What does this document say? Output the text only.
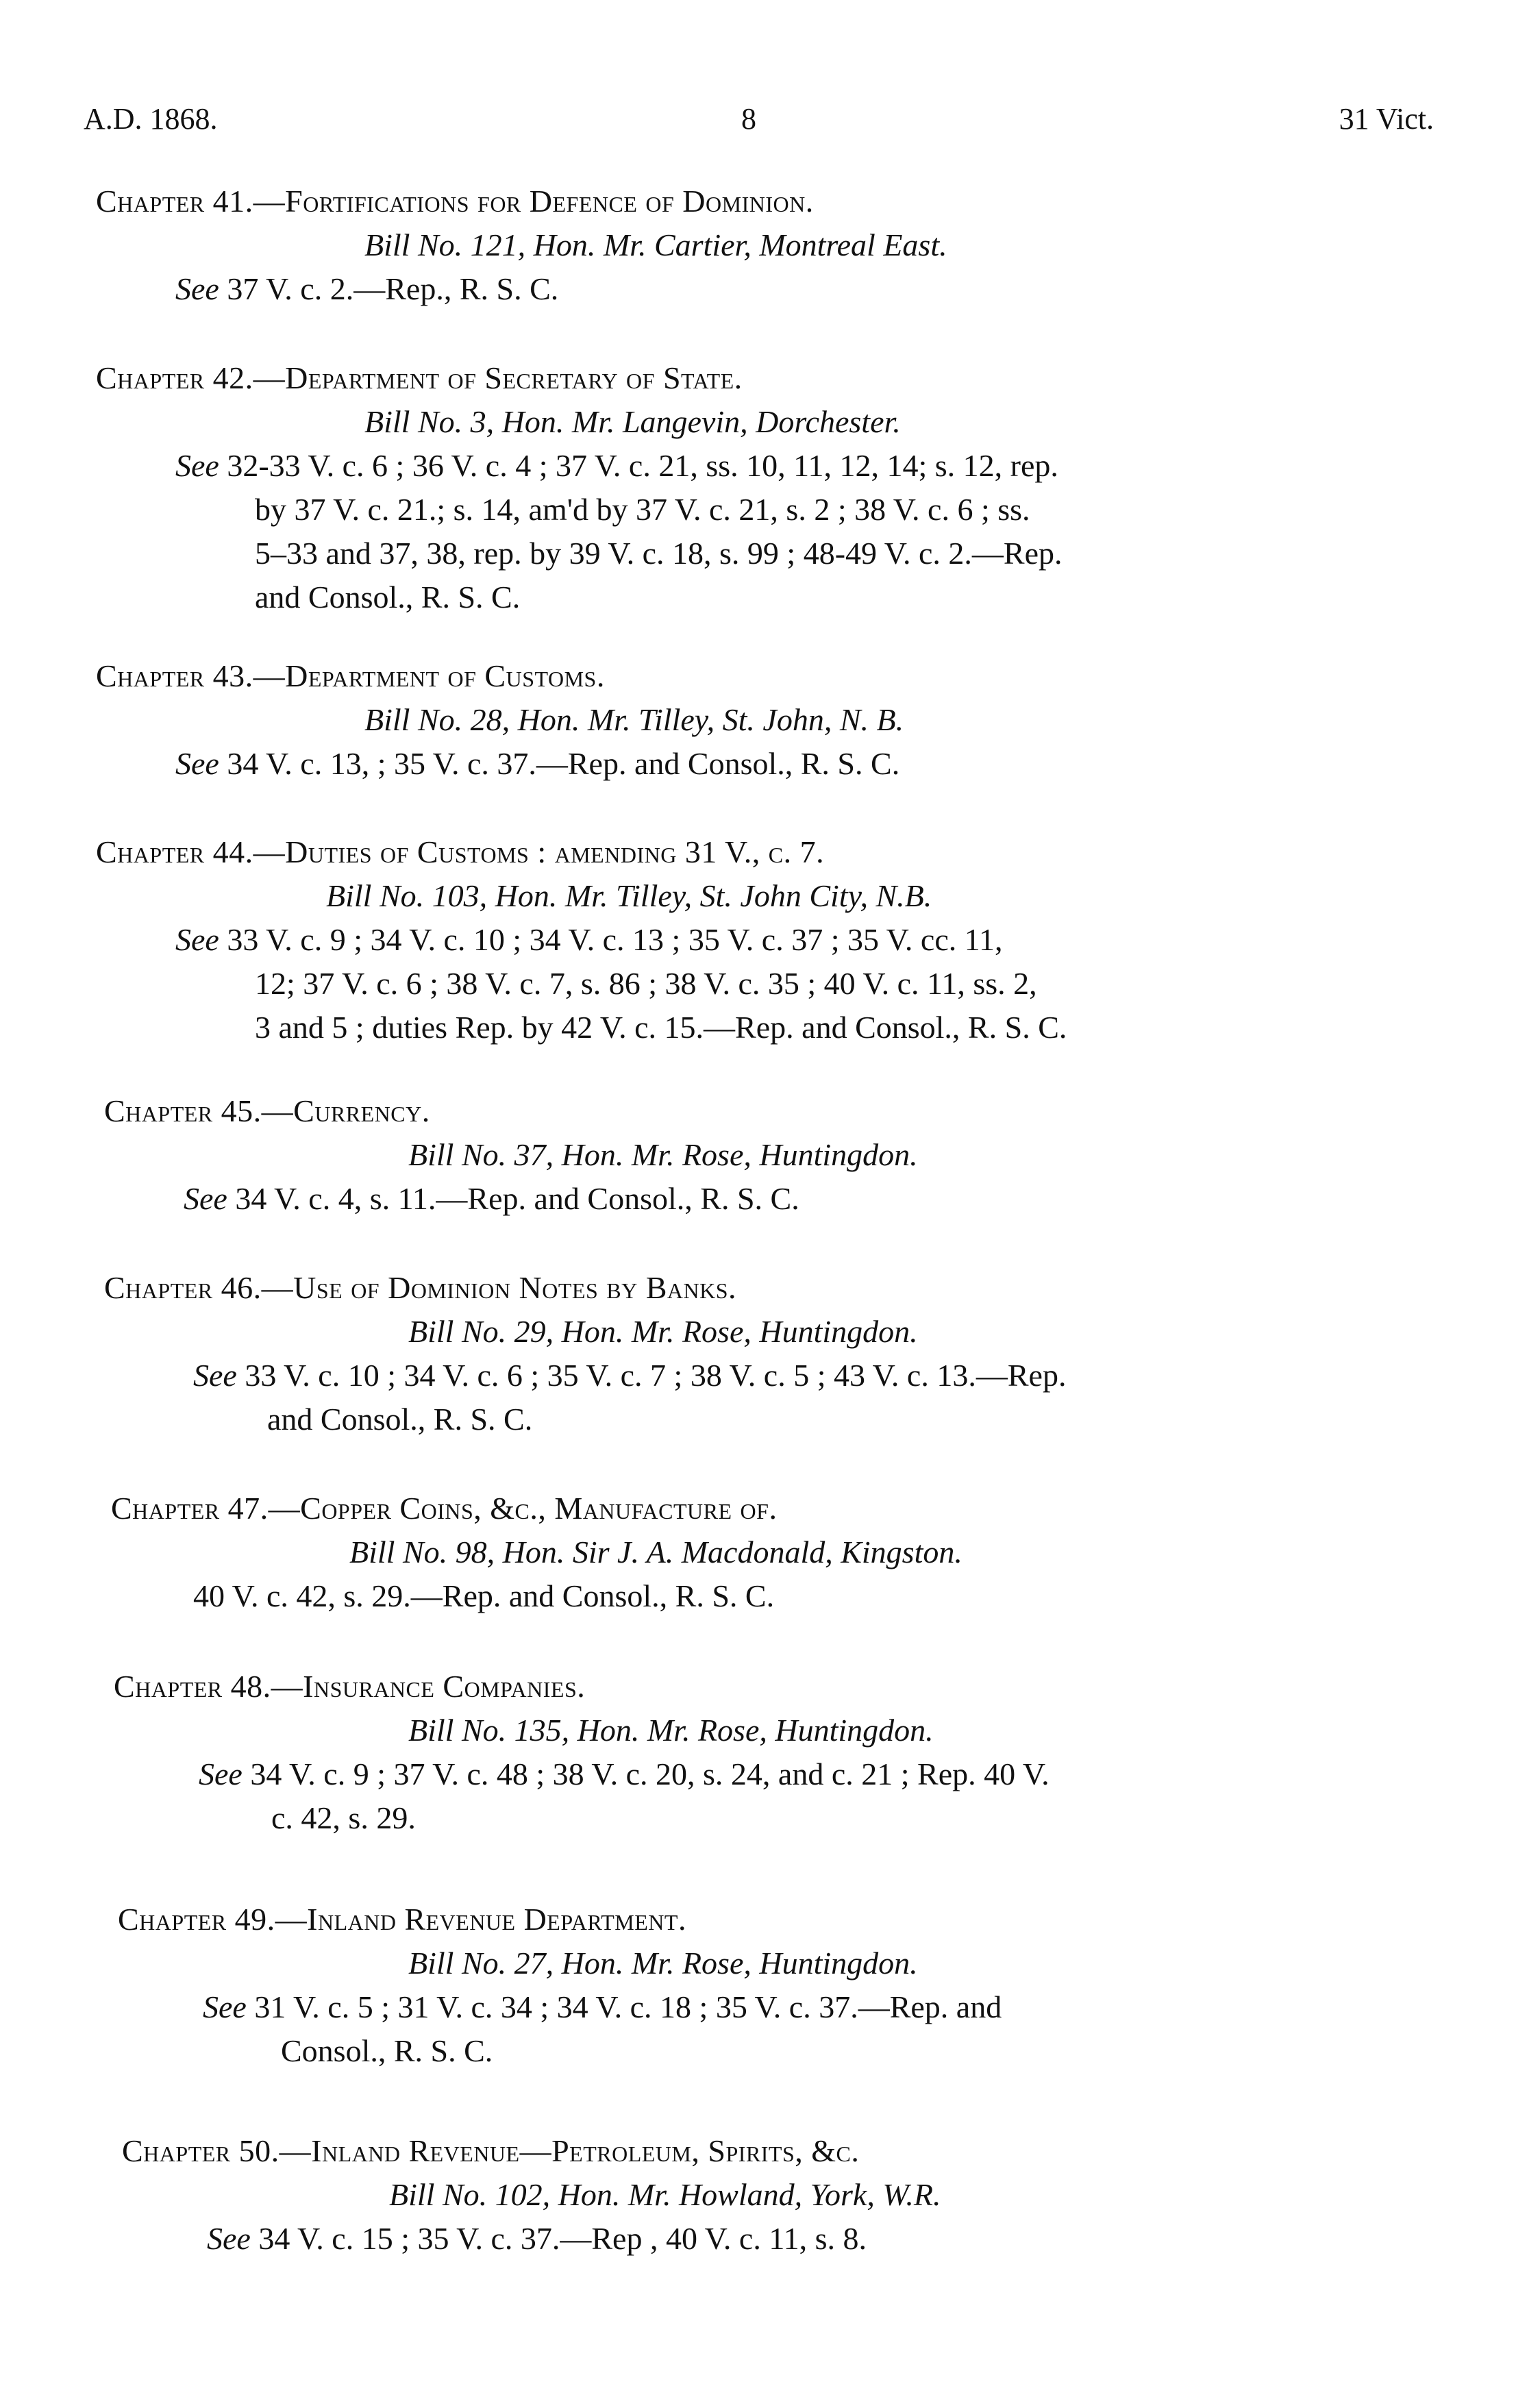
A.D. 1868.	8	31 Vict.
Chapter 41.—Fortifications for Defence of Dominion.
Bill No. 121, Hon. Mr. Cartier, Montreal East.
See 37 V. c. 2.—Rep., R. S. C.
Chapter 42.—Department of Secretary of State.
Bill No. 3, Hon. Mr. Langevin, Dorchester.
See 32-33 V. c. 6 ; 36 V. c. 4 ; 37 V. c. 21, ss. 10, 11, 12, 14; s. 12, rep.
by 37 V. c. 21.; s. 14, am'd by 37 V. c. 21, s. 2 ; 38 V. c. 6 ; ss.
5–33 and 37, 38, rep. by 39 V. c. 18, s. 99 ; 48-49 V. c. 2.—Rep.
and Consol., R. S. C.
Chapter 43.—Department of Customs.
Bill No. 28, Hon. Mr. Tilley, St. John, N. B.
See 34 V. c. 13, ; 35 V. c. 37.—Rep. and Consol., R. S. C.
Chapter 44.—Duties of Customs : amending 31 V., c. 7.
Bill No. 103, Hon. Mr. Tilley, St. John City, N.B.
See 33 V. c. 9 ; 34 V. c. 10 ; 34 V. c. 13 ; 35 V. c. 37 ; 35 V. cc. 11,
12; 37 V. c. 6 ; 38 V. c. 7, s. 86 ; 38 V. c. 35 ; 40 V. c. 11, ss. 2,
3 and 5 ; duties Rep. by 42 V. c. 15.—Rep. and Consol., R. S. C.
Chapter 45.—Currency.
Bill No. 37, Hon. Mr. Rose, Huntingdon.
See 34 V. c. 4, s. 11.—Rep. and Consol., R. S. C.
Chapter 46.—Use of Dominion Notes by Banks.
Bill No. 29, Hon. Mr. Rose, Huntingdon.
See 33 V. c. 10 ; 34 V. c. 6 ; 35 V. c. 7 ; 38 V. c. 5 ; 43 V. c. 13.—Rep.
and Consol., R. S. C.
Chapter 47.—Copper Coins, &c., Manufacture of.
Bill No. 98, Hon. Sir J. A. Macdonald, Kingston.
40 V. c. 42, s. 29.—Rep. and Consol., R. S. C.
Chapter 48.—Insurance Companies.
Bill No. 135, Hon. Mr. Rose, Huntingdon.
See 34 V. c. 9 ; 37 V. c. 48 ; 38 V. c. 20, s. 24, and c. 21 ; Rep. 40 V.
c. 42, s. 29.
Chapter 49.—Inland Revenue Department.
Bill No. 27, Hon. Mr. Rose, Huntingdon.
See 31 V. c. 5 ; 31 V. c. 34 ; 34 V. c. 18 ; 35 V. c. 37.—Rep. and
Consol., R. S. C.
Chapter 50.—Inland Revenue—Petroleum, Spirits, &c.
Bill No. 102, Hon. Mr. Howland, York, W.R.
See 34 V. c. 15 ; 35 V. c. 37.—Rep , 40 V. c. 11, s. 8.
